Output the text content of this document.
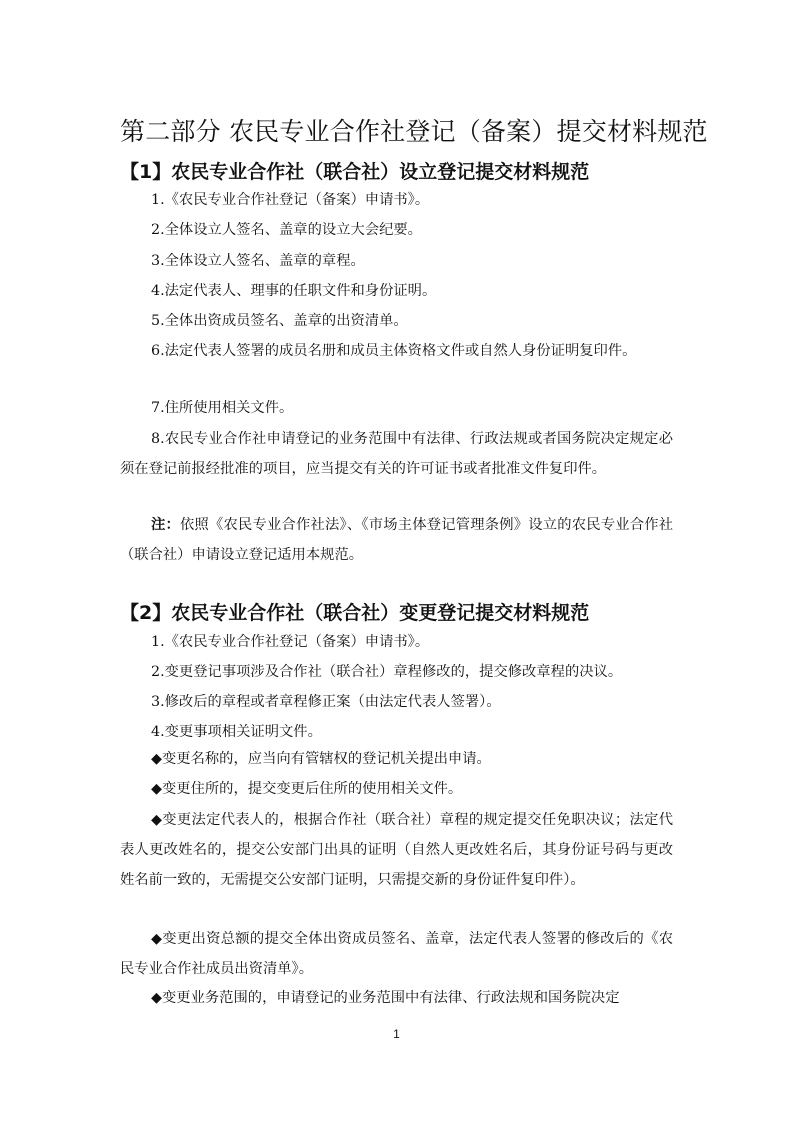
第二部分 农民专业合作社登记（备案）提交材料规范
【1】农民专业合作社（联合社）设立登记提交材料规范

1.《农民专业合作社登记（备案）申请书》。

2.全体设立人签名、盖章的设立大会纪要。

3.全体设立人签名、盖章的章程。

4.法定代表人、理事的任职文件和身份证明。

5.全体出资成员签名、盖章的出资清单。

6.法定代表人签署的成员名册和成员主体资格文件或自然人身份证明复印件。

7.住所使用相关文件。

8.农民专业合作社申请登记的业务范围中有法律、行政法规或者国务院决定规定必须在登记前报经批准的项目，应当提交有关的许可证书或者批准文件复印件。

注：依照《农民专业合作社法》、《市场主体登记管理条例》设立的农民专业合作社（联合社）申请设立登记适用本规范。

【2】农民专业合作社（联合社）变更登记提交材料规范

1.《农民专业合作社登记（备案）申请书》。

2.变更登记事项涉及合作社（联合社）章程修改的，提交修改章程的决议。

3.修改后的章程或者章程修正案（由法定代表人签署）。

4.变更事项相关证明文件。

◆变更名称的，应当向有管辖权的登记机关提出申请。

◆变更住所的，提交变更后住所的使用相关文件。

◆变更法定代表人的，根据合作社（联合社）章程的规定提交任免职决议；法定代表人更改姓名的，提交公安部门出具的证明（自然人更改姓名后，其身份证号码与更改姓名前一致的，无需提交公安部门证明，只需提交新的身份证件复印件）。

◆变更出资总额的提交全体出资成员签名、盖章，法定代表人签署的修改后的《农民专业合作社成员出资清单》。

◆变更业务范围的，申请登记的业务范围中有法律、行政法规和国务院决定

1
